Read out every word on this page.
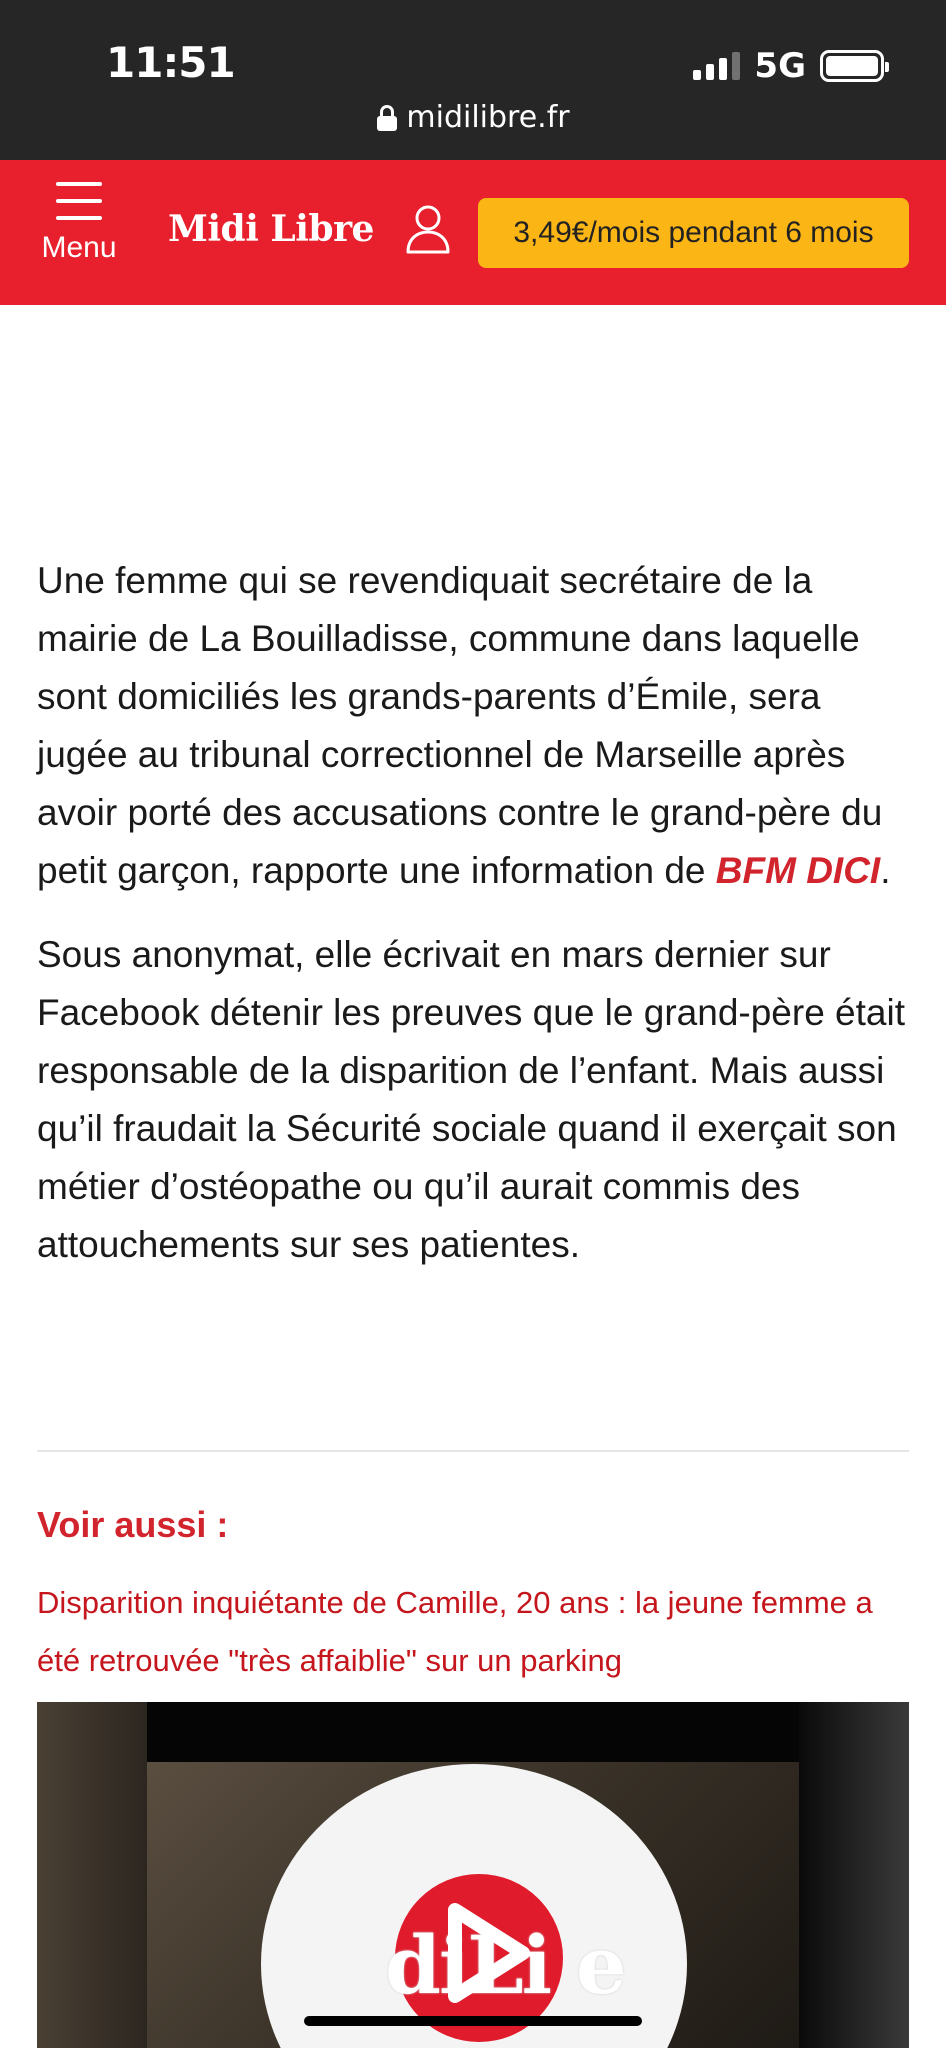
11:51	5G
midilibre.fr
Menu Midi Libre	3,49€/mois pendant 6 mois

Une femme qui se revendiquait secrétaire de la mairie de La Bouilladisse, commune dans laquelle sont domiciliés les grands-parents d’Émile, sera jugée au tribunal correctionnel de Marseille après avoir porté des accusations contre le grand-père du petit garçon, rapporte une information de BFM DICI.

Sous anonymat, elle écrivait en mars dernier sur Facebook détenir les preuves que le grand-père était responsable de la disparition de l’enfant. Mais aussi qu’il fraudait la Sécurité sociale quand il exerçait son métier d’ostéopathe ou qu’il aurait commis des attouchements sur ses patientes.

Voir aussi :
Disparition inquiétante de Camille, 20 ans : la jeune femme a été retrouvée "très affaiblie" sur un parking
diLi e
